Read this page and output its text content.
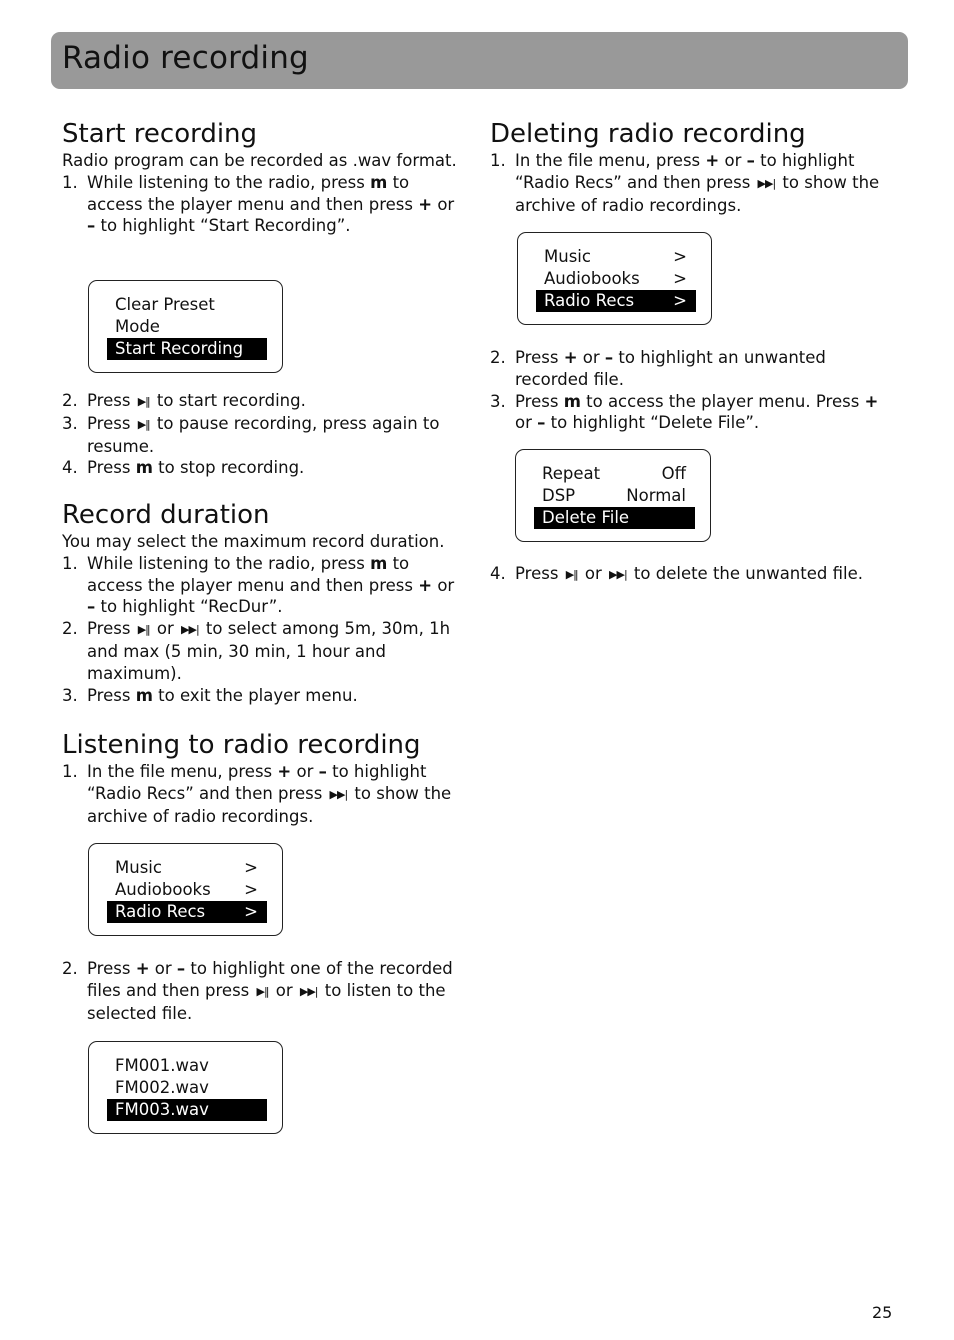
Radio recording
Start recording

Radio program can be recorded as .wav format.

1. While listening to the radio, press m to access the player menu and then press + or – to highlight “Start Recording”.
Clear Preset
Mode
Start Recording
2. Press ▶‖ to start recording.
3. Press ▶‖ to pause recording, press again to resume.
4. Press m to stop recording.
Record duration

You may select the maximum record duration.

1. While listening to the radio, press m to access the player menu and then press + or – to highlight “RecDur”.
2. Press ▶‖ or ▶▶| to select among 5m, 30m, 1h and max (5 min, 30 min, 1 hour and maximum).
3. Press m to exit the player menu.
Listening to radio recording
1. In the file menu, press + or – to highlight “Radio Recs” and then press ▶▶| to show the archive of radio recordings.
Music	>
Audiobooks >
Radio Recs >
2. Press + or – to highlight one of the recorded files and then press ▶‖ or ▶▶| to listen to the selected file.
FM001.wav
FM002.wav
FM003.wav
Deleting radio recording
1. In the file menu, press + or – to highlight “Radio Recs” and then press ▶▶| to show the archive of radio recordings.
Music	>
Audiobooks >
Radio Recs >
2. Press + or – to highlight an unwanted recorded file.
3. Press m to access the player menu. Press + or – to highlight “Delete File”.
Repeat	Off
DSP	Normal
Delete File
4. Press ▶‖ or ▶▶| to delete the unwanted file.
25
